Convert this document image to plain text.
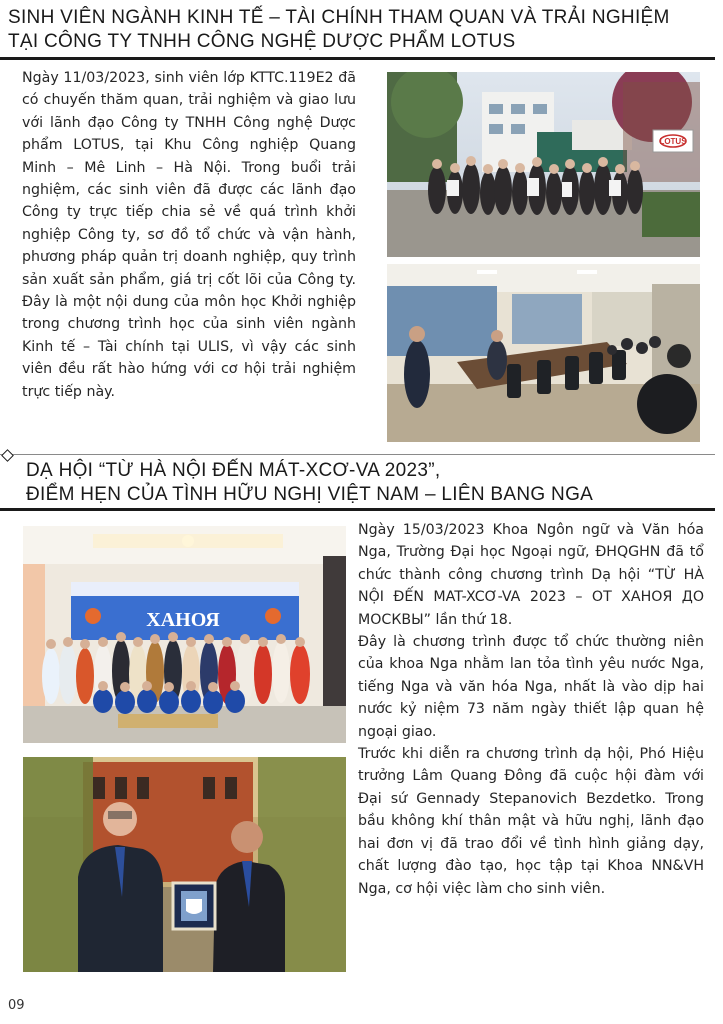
SINH VIÊN NGÀNH KINH TẾ – TÀI CHÍNH THAM QUAN VÀ TRẢI NGHIỆM
TẠI CÔNG TY TNHH CÔNG NGHỆ DƯỢC PHẨM LOTUS

Ngày 11/03/2023, sinh viên lớp KTTC.119E2 đã có chuyến thăm quan, trải nghiệm và giao lưu với lãnh đạo Công ty TNHH Công nghệ Dược phẩm LOTUS, tại Khu Công nghiệp Quang Minh – Mê Linh – Hà Nội. Trong buổi trải nghiệm, các sinh viên đã được các lãnh đạo Công ty trực tiếp chia sẻ về quá trình khởi nghiệp Công ty, sơ đồ tổ chức và vận hành, phương pháp quản trị doanh nghiệp, quy trình sản xuất sản phẩm, giá trị cốt lõi của Công ty. Đây là một nội dung của môn học Khởi nghiệp trong chương trình học của sinh viên ngành Kinh tế – Tài chính tại ULIS, vì vậy các sinh viên đều rất hào hứng với cơ hội trải nghiệm trực tiếp này.

LOTUS
DẠ HỘI “TỪ HÀ NỘI ĐẾN MÁT-XCƠ-VA 2023”,
ĐIỂM HẸN CỦA TÌNH HỮU NGHỊ VIỆT NAM – LIÊN BANG NGA
ХАНОЯ

Ngày 15/03/2023 Khoa Ngôn ngữ và Văn hóa Nga, Trường Đại học Ngoại ngữ, ĐHQGHN đã tổ chức thành công chương trình Dạ hội “TỪ HÀ NỘI ĐẾN MAT-XCƠ-VA 2023 – ОТ ХАНОЯ ДО МОСКВЫ” lần thứ 18.
Đây là chương trình được tổ chức thường niên của khoa Nga nhằm lan tỏa tình yêu nước Nga, tiếng Nga và văn hóa Nga, nhất là vào dịp hai nước kỷ niệm 73 năm ngày thiết lập quan hệ ngoại giao.
Trước khi diễn ra chương trình dạ hội, Phó Hiệu trưởng Lâm Quang Đông đã cuộc hội đàm với Đại sứ Gennady Stepanovich Bezdetko. Trong bầu không khí thân mật và hữu nghị, lãnh đạo hai đơn vị đã trao đổi về tình hình giảng dạy, chất lượng đào tạo, học tập tại Khoa NN&VH Nga, cơ hội việc làm cho sinh viên.

09
